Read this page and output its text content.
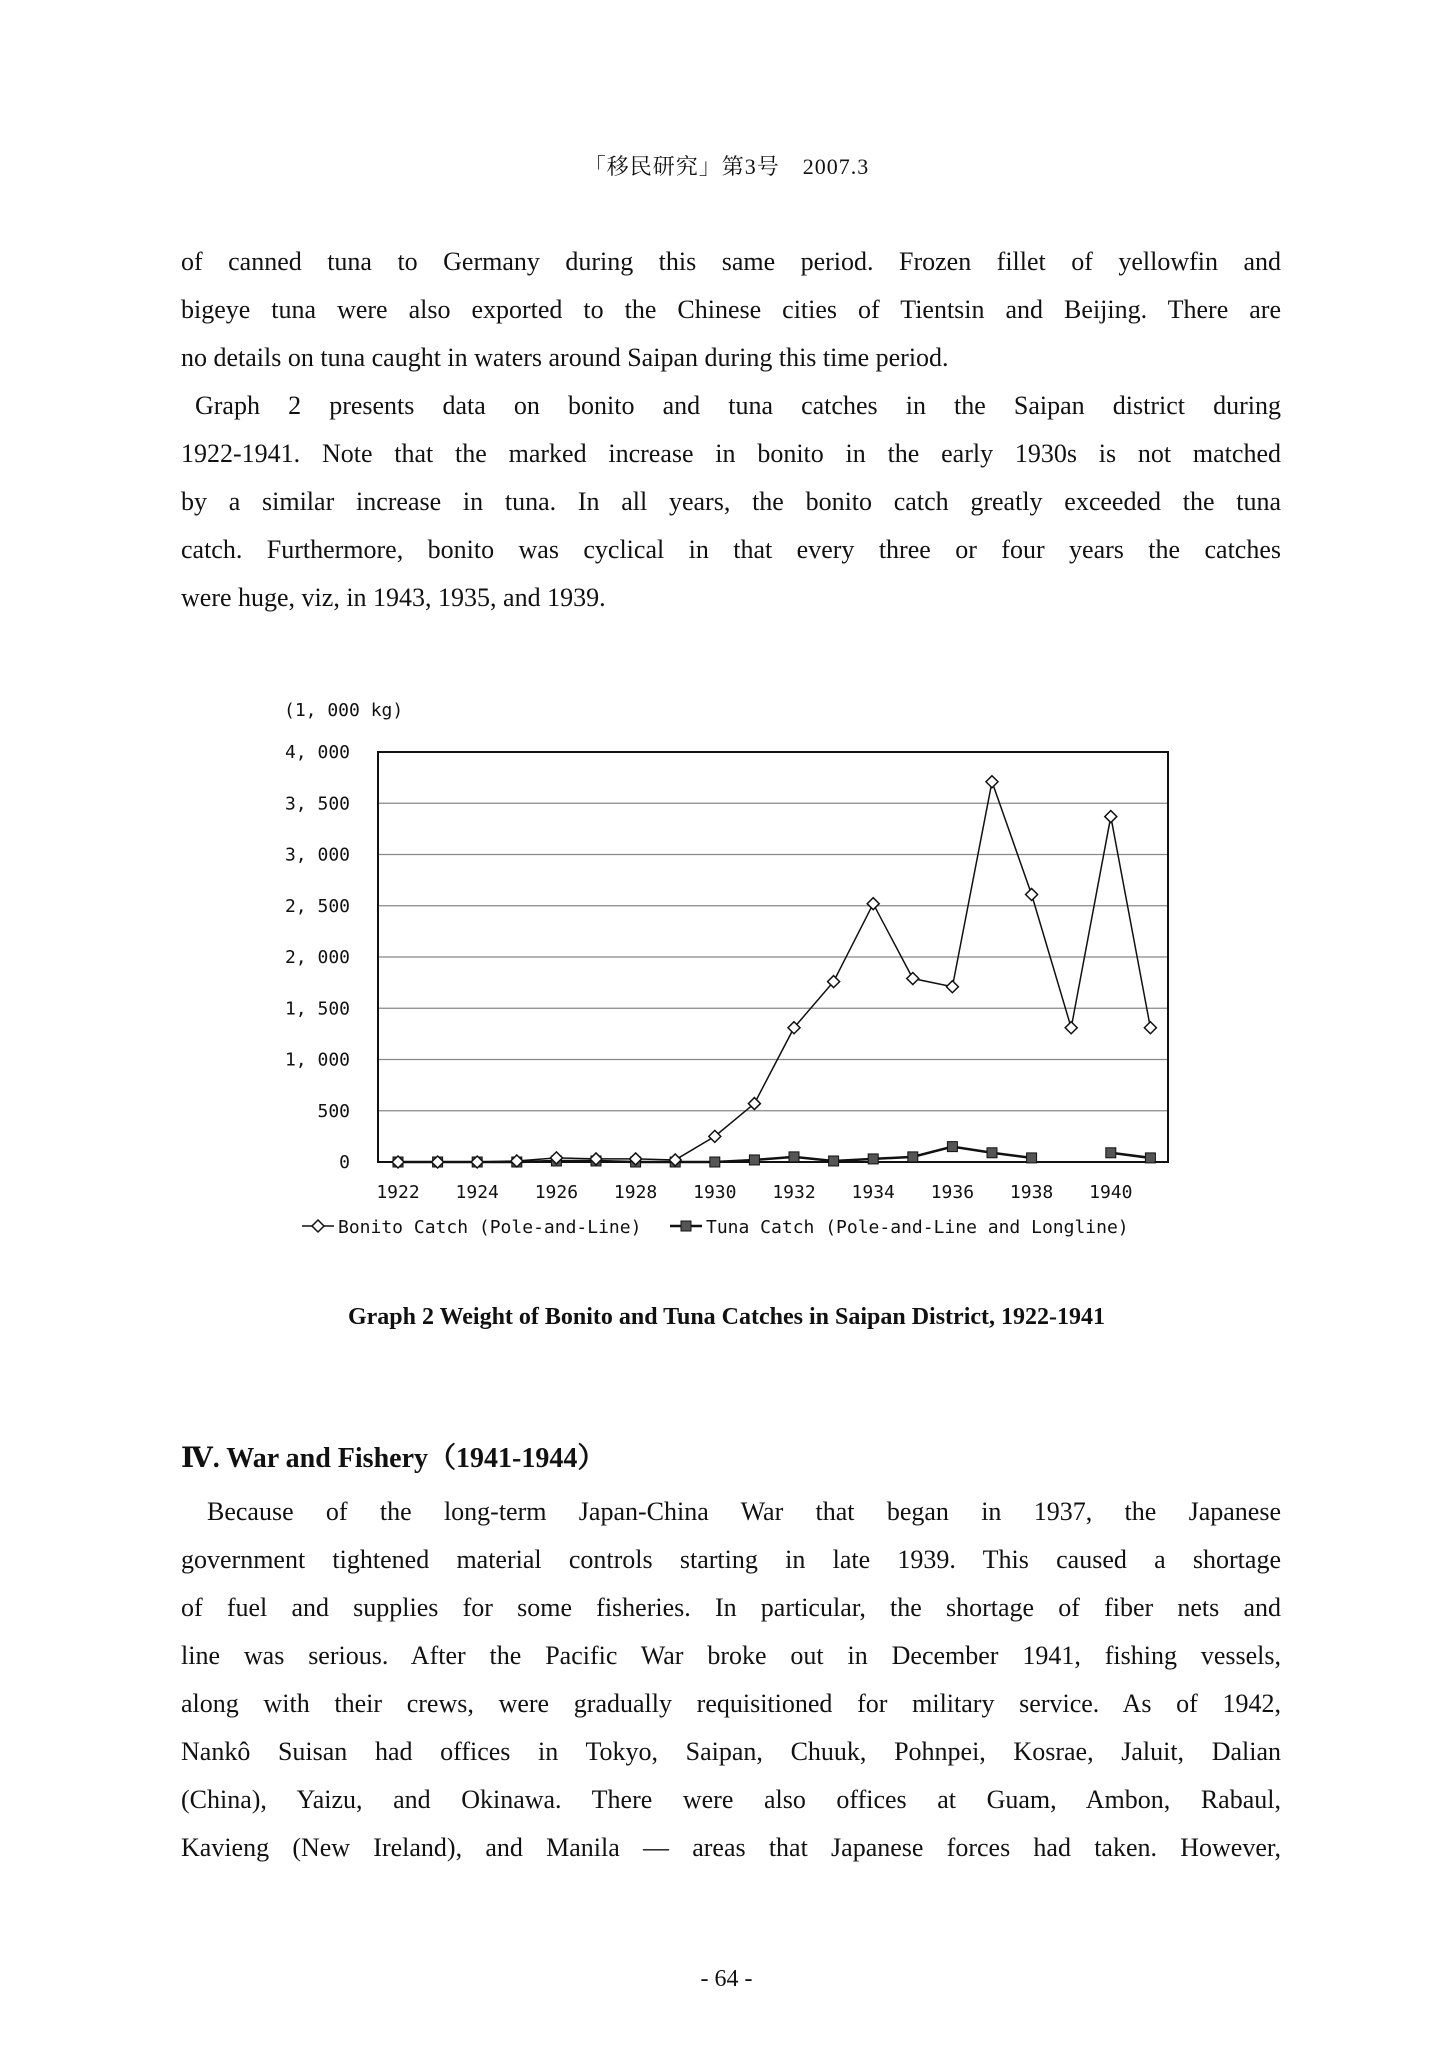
「移民研究」第3号　2007.3
of canned tuna to Germany during this same period. Frozen fillet of yellowfin and
bigeye tuna were also exported to the Chinese cities of Tientsin and Beijing. There are
no details on tuna caught in waters around Saipan during this time period.
Graph 2 presents data on bonito and tuna catches in the Saipan district during
1922-1941. Note that the marked increase in bonito in the early 1930s is not matched
by a similar increase in tuna. In all years, the bonito catch greatly exceeded the tuna
catch. Furthermore, bonito was cyclical in that every three or four years the catches
were huge, viz, in 1943, 1935, and 1939.
(1, 000 kg)
0
500
1, 000
1, 500
2, 000
2, 500
3, 000
3, 500
4, 000
1922 1924 1926 1928 1930 1932 1934 1936 1938 1940
Bonito Catch (Pole-and-Line)	Tuna Catch (Pole-and-Line and Longline)
Graph 2 Weight of Bonito and Tuna Catches in Saipan District, 1922-1941
Ⅳ. War and Fishery（1941-1944）
Because of the long-term Japan-China War that began in 1937, the Japanese
government tightened material controls starting in late 1939. This caused a shortage
of fuel and supplies for some fisheries. In particular, the shortage of fiber nets and
line was serious. After the Pacific War broke out in December 1941, fishing vessels,
along with their crews, were gradually requisitioned for military service. As of 1942,
Nankô Suisan had offices in Tokyo, Saipan, Chuuk, Pohnpei, Kosrae, Jaluit, Dalian
(China), Yaizu, and Okinawa. There were also offices at Guam, Ambon, Rabaul,
Kavieng (New Ireland), and Manila — areas that Japanese forces had taken. However,
- 64 -
